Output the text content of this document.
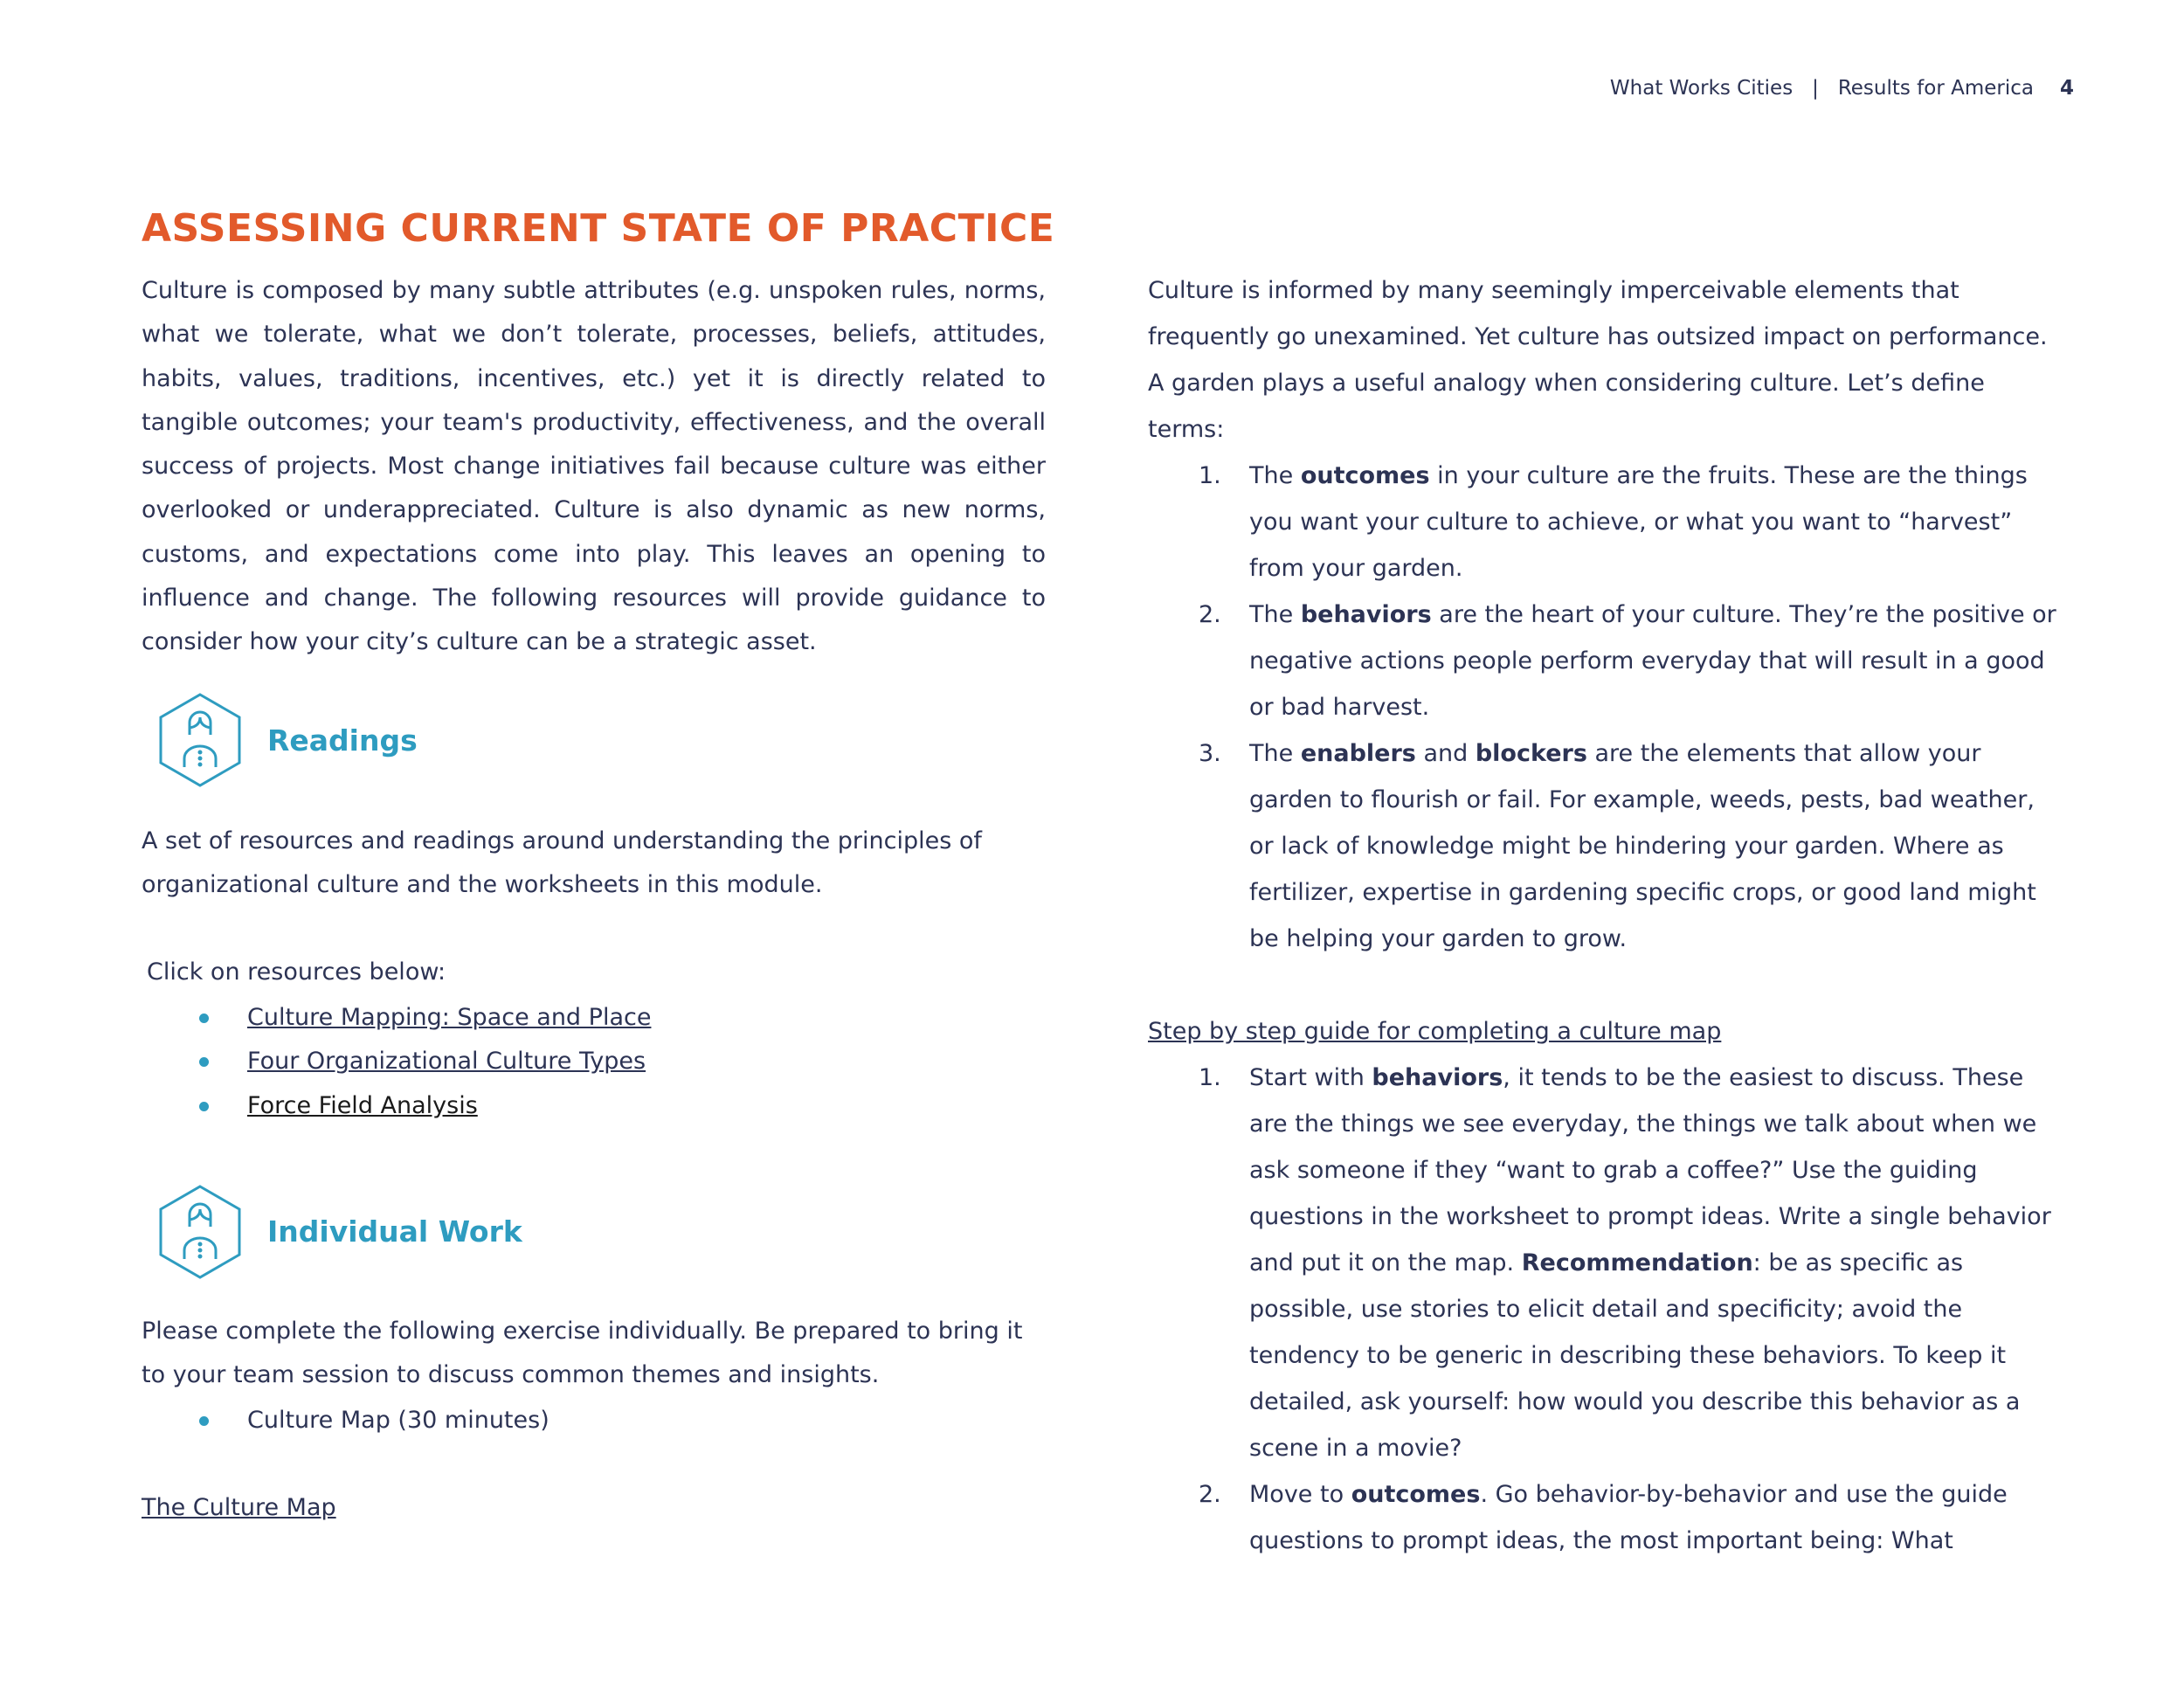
What Works Cities | Results for America 4
ASSESSING CURRENT STATE OF PRACTICE
Culture is composed by many subtle attributes (e.g. unspoken rules, norms, what we tolerate, what we don’t tolerate, processes, beliefs, attitudes, habits, values, traditions, incentives, etc.) yet it is directly related to tangible outcomes; your team's productivity, effectiveness, and the overall success of projects. Most change initiatives fail because culture was either overlooked or underappreciated. Culture is also dynamic as new norms, customs, and expectations come into play. This leaves an opening to influence and change. The following resources will provide guidance to consider how your city’s culture can be a strategic asset.
Readings
A set of resources and readings around understanding the principles of organizational culture and the worksheets in this module.
Click on resources below:
Culture Mapping: Space and Place
Four Organizational Culture Types
Force Field Analysis
Individual Work
Please complete the following exercise individually. Be prepared to bring it to your team session to discuss common themes and insights.
Culture Map (30 minutes)
The Culture Map
Culture is informed by many seemingly imperceivable elements that frequently go unexamined. Yet culture has outsized impact on performance. A garden plays a useful analogy when considering culture. Let’s define terms:
1. The outcomes in your culture are the fruits. These are the things you want your culture to achieve, or what you want to “harvest” from your garden.
2. The behaviors are the heart of your culture. They’re the positive or negative actions people perform everyday that will result in a good or bad harvest.
3. The enablers and blockers are the elements that allow your garden to flourish or fail. For example, weeds, pests, bad weather, or lack of knowledge might be hindering your garden. Where as fertilizer, expertise in gardening specific crops, or good land might be helping your garden to grow.
Step by step guide for completing a culture map
1. Start with behaviors, it tends to be the easiest to discuss. These are the things we see everyday, the things we talk about when we ask someone if they “want to grab a coffee?” Use the guiding questions in the worksheet to prompt ideas. Write a single behavior and put it on the map. Recommendation: be as specific as possible, use stories to elicit detail and specificity; avoid the tendency to be generic in describing these behaviors. To keep it detailed, ask yourself: how would you describe this behavior as a scene in a movie?
2. Move to outcomes. Go behavior-by-behavior and use the guide questions to prompt ideas, the most important being: What
